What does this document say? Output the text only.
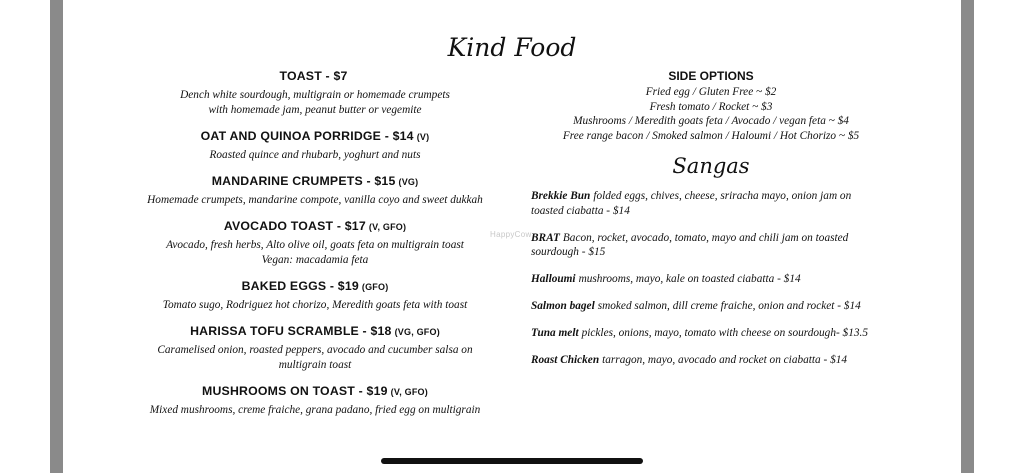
Kind Food
TOAST - $7
Dench white sourdough, multigrain or homemade crumpets
with homemade jam, peanut butter or vegemite
OAT AND QUINOA PORRIDGE - $14 (V)
Roasted quince and rhubarb, yoghurt and nuts
MANDARINE CRUMPETS - $15 (VG)
Homemade crumpets, mandarine compote, vanilla coyo and sweet dukkah
AVOCADO TOAST - $17 (V, GFO)
Avocado, fresh herbs, Alto olive oil, goats feta on multigrain toast
Vegan: macadamia feta
BAKED EGGS - $19 (GFO)
Tomato sugo, Rodriguez hot chorizo, Meredith goats feta with toast
HARISSA TOFU SCRAMBLE - $18 (VG, GFO)
Caramelised onion, roasted peppers, avocado and cucumber salsa on
multigrain toast
MUSHROOMS ON TOAST - $19 (V, GFO)
Mixed mushrooms, creme fraiche, grana padano, fried egg on multigrain
SIDE OPTIONS
Fried egg / Gluten Free ~ $2
Fresh tomato / Rocket ~ $3
Mushrooms / Meredith goats feta / Avocado / vegan feta ~ $4
Free range bacon / Smoked salmon / Haloumi / Hot Chorizo ~ $5
Sangas
Brekkie Bun folded eggs, chives, cheese, sriracha mayo, onion jam on toasted ciabatta - $14
BRAT Bacon, rocket, avocado, tomato, mayo and chili jam on toasted sourdough - $15
Halloumi mushrooms, mayo, kale on toasted ciabatta - $14
Salmon bagel smoked salmon, dill creme fraiche, onion and rocket - $14
Tuna melt pickles, onions, mayo, tomato with cheese on sourdough- $13.5
Roast Chicken tarragon, mayo, avocado and rocket on ciabatta - $14
HappyCow
